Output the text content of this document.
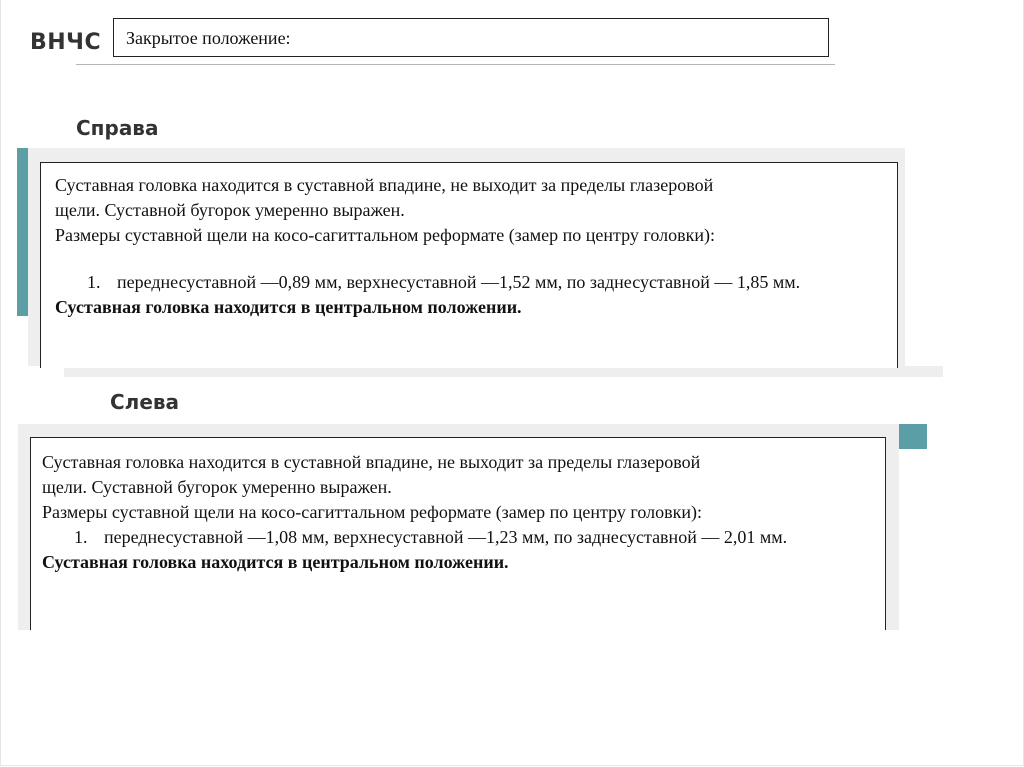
ВНЧС	Закрытое положение:
Справа
Суставная головка находится в суставной впадине, не выходит за пределы глазеровой
щели. Суставной бугорок умеренно выражен.
Размеры суставной щели на косо-сагиттальном реформате (замер по центру головки):
1. переднесуставной —0,89 мм, верхнесуставной —1,52 мм, по заднесуставной — 1,85 мм.
Суставная головка находится в центральном положении.
Слева
Суставная головка находится в суставной впадине, не выходит за пределы глазеровой
щели. Суставной бугорок умеренно выражен.
Размеры суставной щели на косо-сагиттальном реформате (замер по центру головки):
1. переднесуставной —1,08 мм, верхнесуставной —1,23 мм, по заднесуставной — 2,01 мм.
Суставная головка находится в центральном положении.
